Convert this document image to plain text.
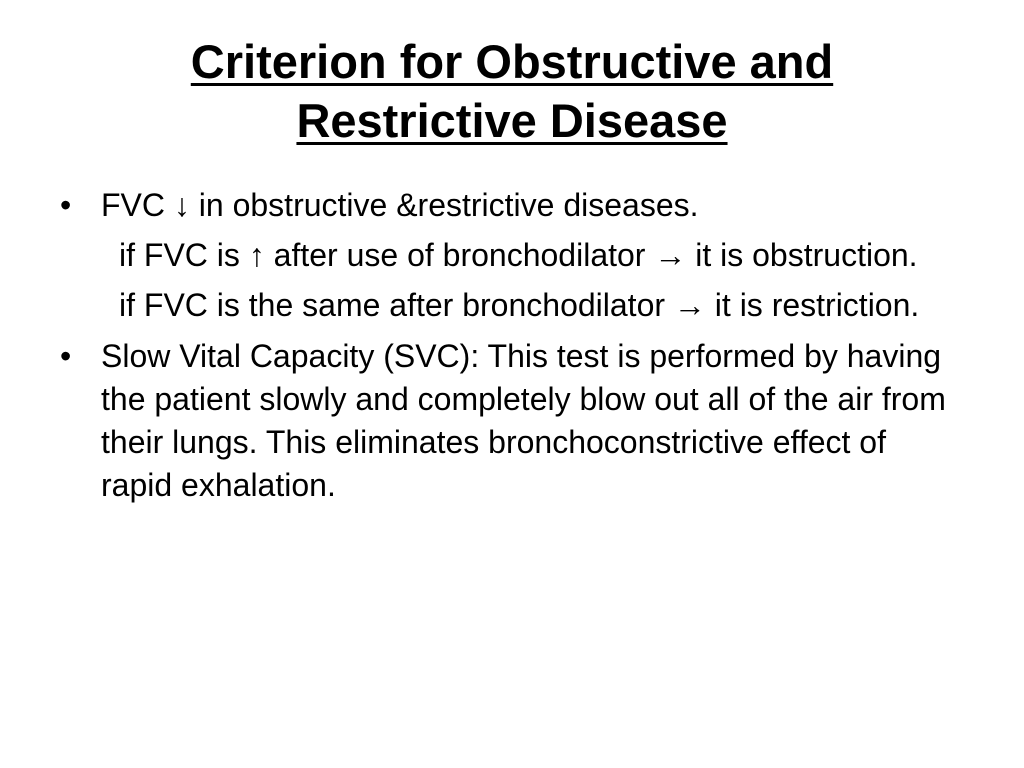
Criterion for Obstructive and
Restrictive Disease
• FVC ↓ in obstructive &restrictive diseases.
if FVC is ↑ after use of bronchodilator → it is obstruction.
if FVC is the same after bronchodilator → it is restriction.
• Slow Vital Capacity (SVC): This test is performed by having the patient slowly and completely blow out all of the air from their lungs. This eliminates bronchoconstrictive effect of rapid exhalation.
